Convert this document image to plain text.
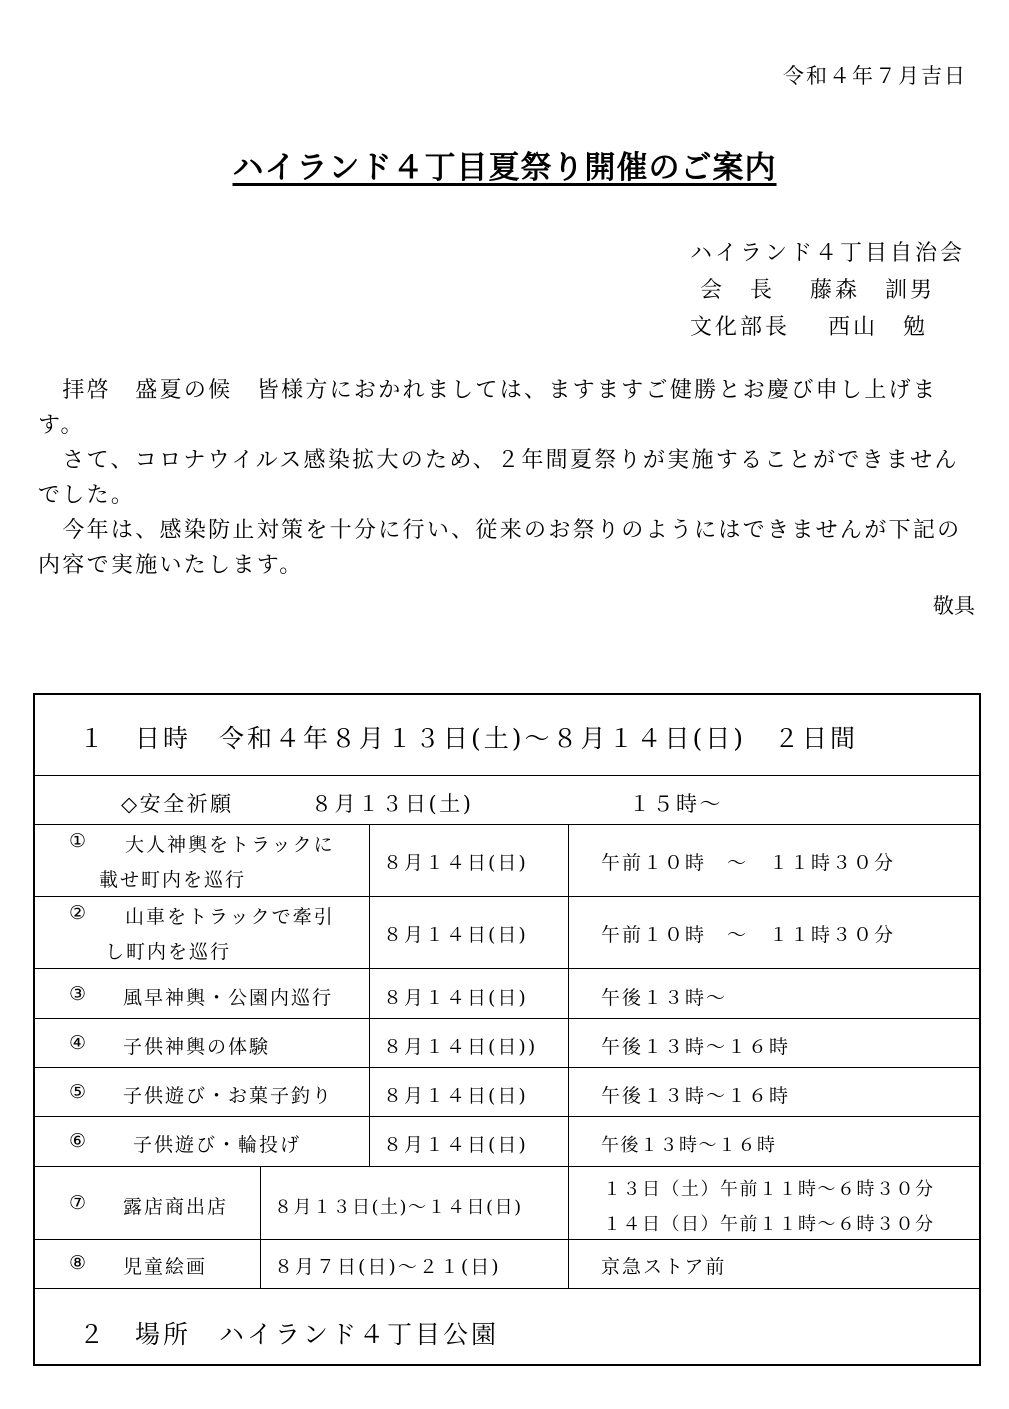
令和４年７月吉日
ハイランド４丁目夏祭り開催のご案内
ハイランド４丁目自治会
会　長 藤森　訓男
文化部長 西山　勉

　拝啓　盛夏の候　皆様方におかれましては、ますますご健勝とお慶び申し上げます。

　さて、コロナウイルス感染拡大のため、２年間夏祭りが実施することができませんでした。

　今年は、感染防止対策を十分に行い、従来のお祭りのようにはできませんが下記の内容で実施いたします。

敬具
１　日時　令和４年８月１３日(土)～８月１４日(日)　２日間
◇安全祈願	８月１３日(土)	１５時～
① 大人神輿をトラックに
載せ町内を巡行
８月１４日(日)	午前１０時　～　１１時３０分
② 山車をトラックで牽引
し町内を巡行
８月１４日(日)	午前１０時　～　１１時３０分
③ 風早神輿・公園内巡行	８月１４日(日)	午後１３時～
④ 子供神輿の体験	８月１４日(日))	午後１３時～１６時
⑤ 子供遊び・お菓子釣り	８月１４日(日)	午後１３時～１６時
⑥ 子供遊び・輪投げ	８月１４日(日)	午後１３時～１６時
⑦ 露店商出店	８月１３日(土)～１４日(日)
１３日（土）午前１１時～６時３０分
１４日（日）午前１１時～６時３０分
⑧ 児童絵画	８月７日(日)～２１(日)	京急ストア前
２　場所　ハイランド４丁目公園
